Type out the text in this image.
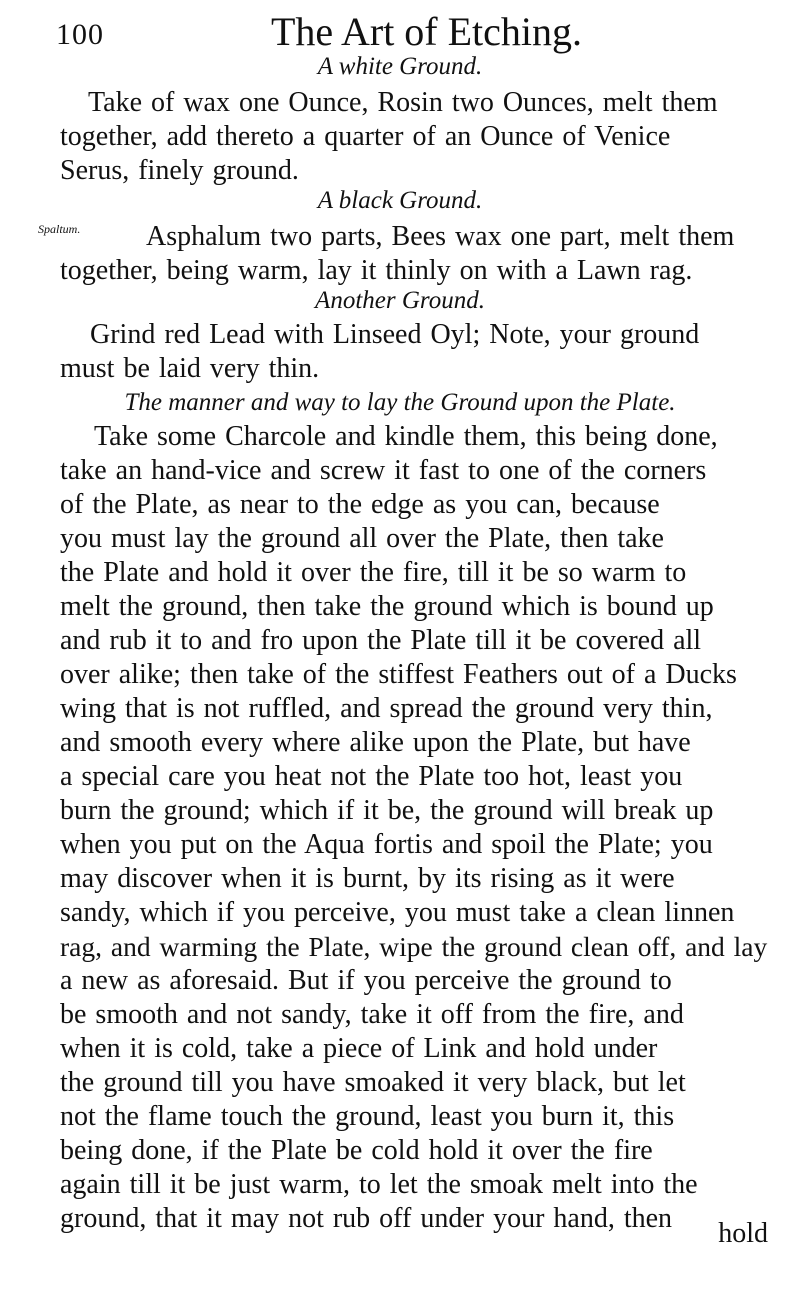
100	The Art of Etching.
A white Ground.
Take of wax one Ounce, Rosin two Ounces, melt them
together, add thereto a quarter of an Ounce of Venice
Serus, finely ground.
A black Ground.
Spaltum. Asphalum two parts, Bees wax one part, melt them
together, being warm, lay it thinly on with a Lawn rag.
Another Ground.
Grind red Lead with Linseed Oyl; Note, your ground
must be laid very thin.
The manner and way to lay the Ground upon the Plate.
Take some Charcole and kindle them, this being done,
take an hand-vice and screw it fast to one of the corners
of the Plate, as near to the edge as you can, because
you must lay the ground all over the Plate, then take
the Plate and hold it over the fire, till it be so warm to
melt the ground, then take the ground which is bound up
and rub it to and fro upon the Plate till it be covered all
over alike; then take of the stiffest Feathers out of a Ducks
wing that is not ruffled, and spread the ground very thin,
and smooth every where alike upon the Plate, but have
a special care you heat not the Plate too hot, least you
burn the ground; which if it be, the ground will break up
when you put on the Aqua fortis and spoil the Plate; you
may discover when it is burnt, by its rising as it were
sandy, which if you perceive, you must take a clean linnen
rag, and warming the Plate, wipe the ground clean off, and lay
a new as aforesaid. But if you perceive the ground to
be smooth and not sandy, take it off from the fire, and
when it is cold, take a piece of Link and hold under
the ground till you have smoaked it very black, but let
not the flame touch the ground, least you burn it, this
being done, if the Plate be cold hold it over the fire
again till it be just warm, to let the smoak melt into the
ground, that it may not rub off under your hand, then hold
